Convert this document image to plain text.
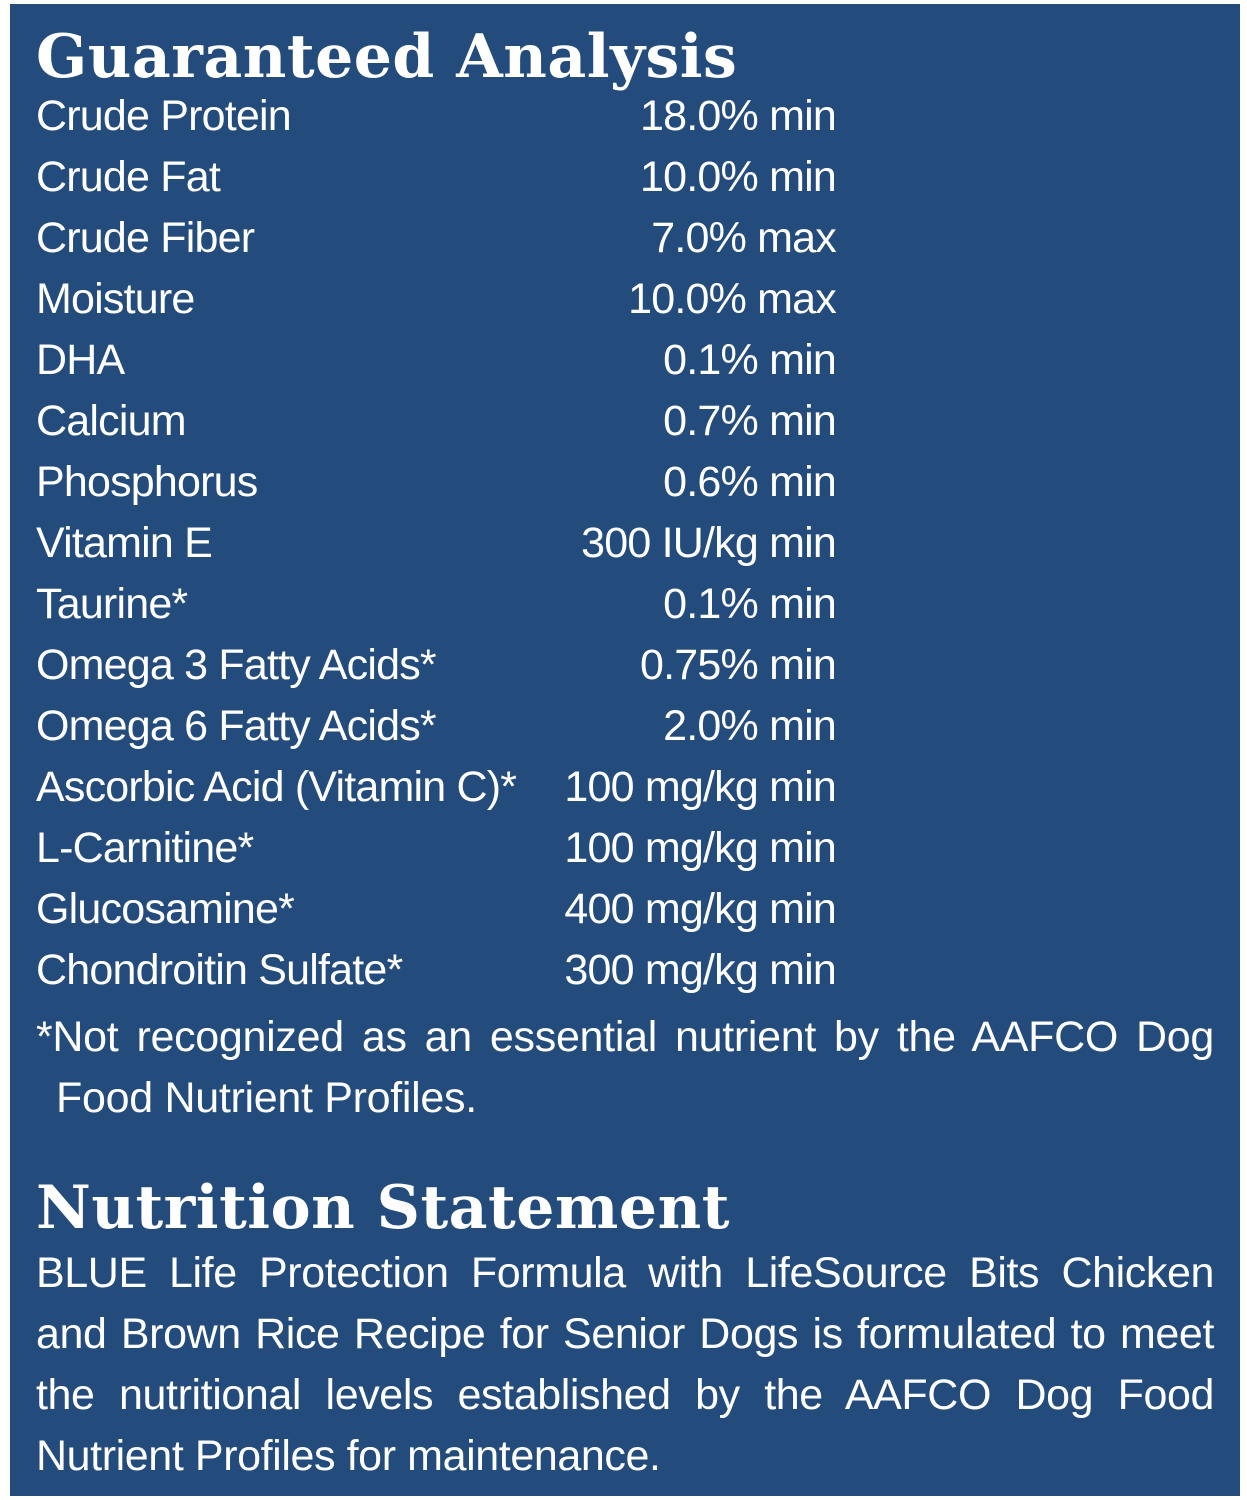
Guaranteed Analysis
Crude Protein	18.0% min
Crude Fat	10.0% min
Crude Fiber	7.0% max
Moisture	10.0% max
DHA	0.1% min
Calcium	0.7% min
Phosphorus	0.6% min
Vitamin E	300 IU/kg min
Taurine*	0.1% min
Omega 3 Fatty Acids*	0.75% min
Omega 6 Fatty Acids*	2.0% min
Ascorbic Acid (Vitamin C)*	100 mg/kg min
L-Carnitine*	100 mg/kg min
Glucosamine*	400 mg/kg min
Chondroitin Sulfate*	300 mg/kg min

*Not recognized as an essential nutrient by the AAFCO Dog Food Nutrient Profiles.

Nutrition Statement

BLUE Life Protection Formula with LifeSource Bits Chicken and Brown Rice Recipe for Senior Dogs is formulated to meet the nutritional levels established by the AAFCO Dog Food Nutrient Profiles for maintenance.
